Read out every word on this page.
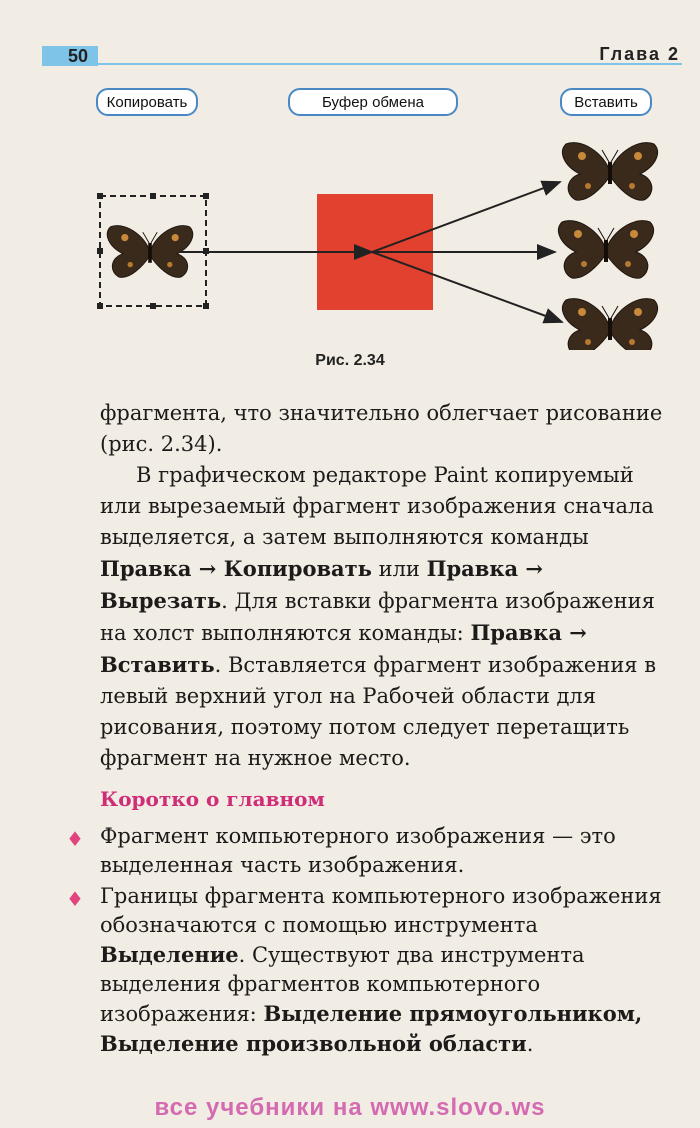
50	Глава 2
Копировать	Буфер обмена	Вставить
Рис. 2.34
фрагмента, что значительно облегчает рисование (рис. 2.34).
В графическом редакторе Paint копируемый или вырезаемый фрагмент изображения сначала выделяется, а затем выполняются команды Правка → Копировать или Правка → Вырезать. Для вставки фрагмента изображения на холст выполняются команды: Правка → Вставить. Вставляется фрагмент изображения в левый верхний угол на Рабочей области для рисования, поэтому потом следует перетащить фрагмент на нужное место.
Коротко о главном
♦ Фрагмент компьютерного изображения — это выделенная часть изображения.
♦ Границы фрагмента компьютерного изображения обозначаются с помощью инструмента Выделение. Существуют два инструмента выделения фрагментов компьютерного изображения: Выделение прямоугольником, Выделение произвольной области.
все учебники на www.slovo.ws
